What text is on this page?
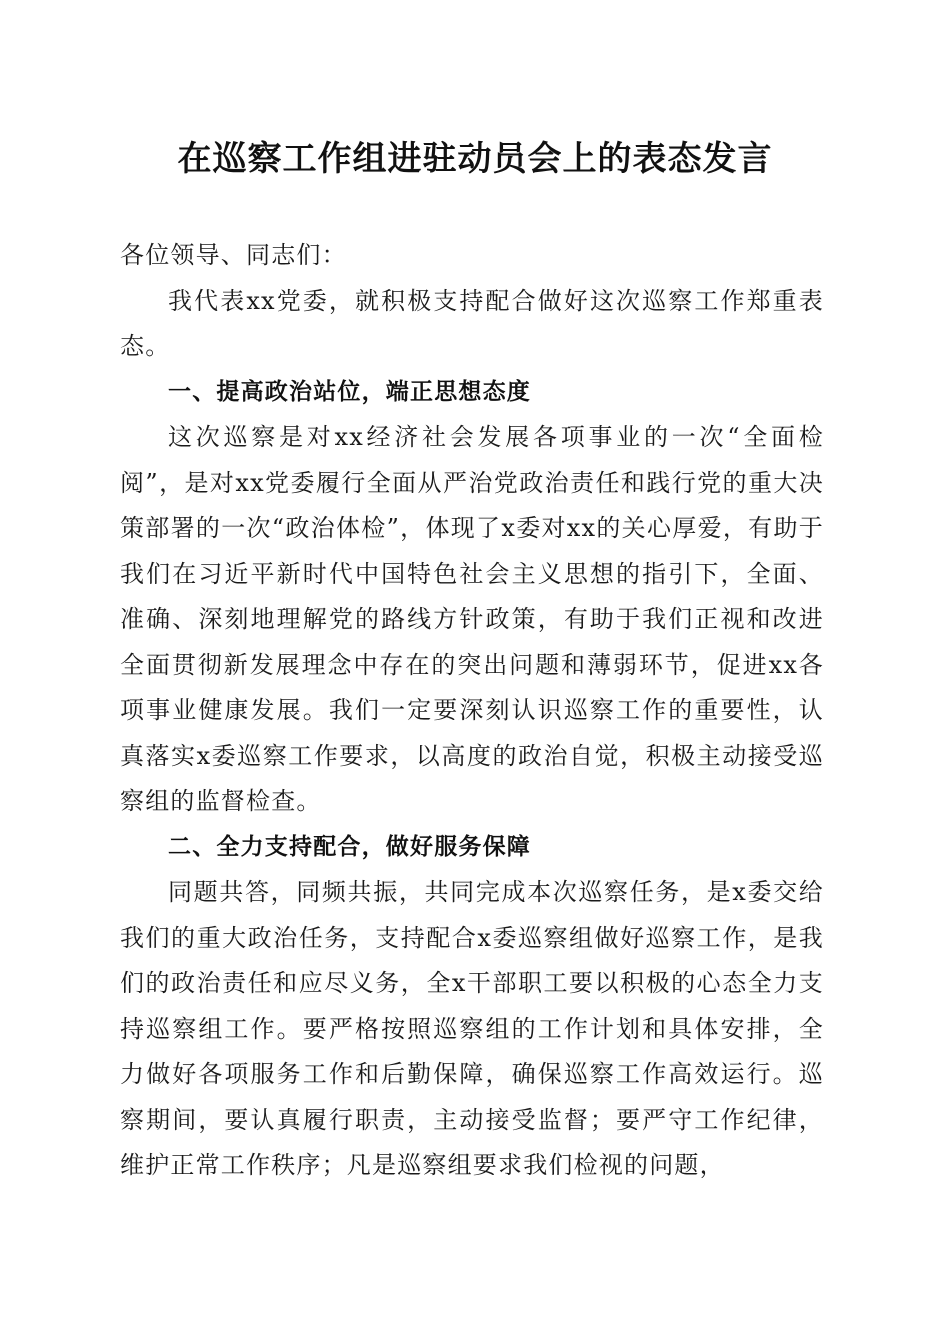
在巡察工作组进驻动员会上的表态发言

各位领导、同志们：

我代表xx党委，就积极支持配合做好这次巡察工作郑重表态。

一、提高政治站位，端正思想态度

这次巡察是对xx经济社会发展各项事业的一次“全面检阅”，是对xx党委履行全面从严治党政治责任和践行党的重大决策部署的一次“政治体检”，体现了x委对xx的关心厚爱，有助于我们在习近平新时代中国特色社会主义思想的指引下，全面、准确、深刻地理解党的路线方针政策，有助于我们正视和改进全面贯彻新发展理念中存在的突出问题和薄弱环节，促进xx各项事业健康发展。我们一定要深刻认识巡察工作的重要性，认真落实x委巡察工作要求，以高度的政治自觉，积极主动接受巡察组的监督检查。

二、全力支持配合，做好服务保障

同题共答，同频共振，共同完成本次巡察任务，是x委交给我们的重大政治任务，支持配合x委巡察组做好巡察工作，是我们的政治责任和应尽义务，全x干部职工要以积极的心态全力支持巡察组工作。要严格按照巡察组的工作计划和具体安排，全力做好各项服务工作和后勤保障，确保巡察工作高效运行。巡察期间，要认真履行职责，主动接受监督；要严守工作纪律，维护正常工作秩序；凡是巡察组要求我们检视的问题，
